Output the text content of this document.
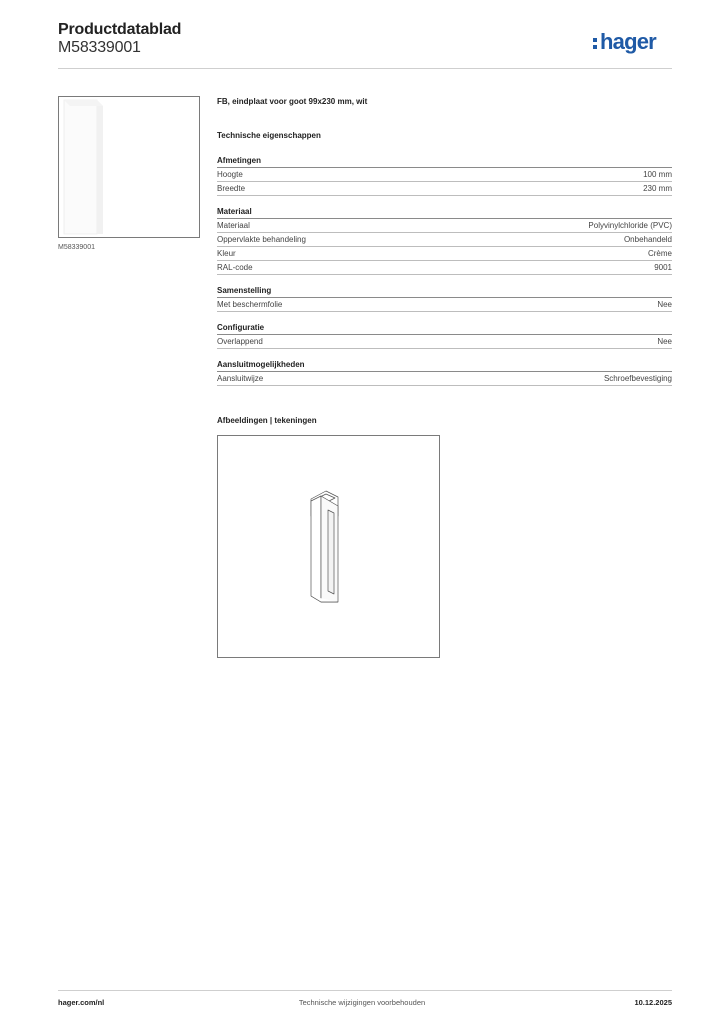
Productdatablad
M58339001	hager
M58339001
FB, eindplaat voor goot 99x230 mm, wit
Technische eigenschappen
Afmetingen
Hoogte	100 mm
Breedte	230 mm
Materiaal
Materiaal	Polyvinylchloride (PVC)
Oppervlakte behandeling	Onbehandeld
Kleur	Crème
RAL-code	9001
Samenstelling
Met beschermfolie	Nee
Configuratie
Overlappend	Nee
Aansluitmogelijkheden
Aansluitwijze	Schroefbevestiging
Afbeeldingen | tekeningen
hager.com/nl	Technische wijzigingen voorbehouden	10.12.2025
